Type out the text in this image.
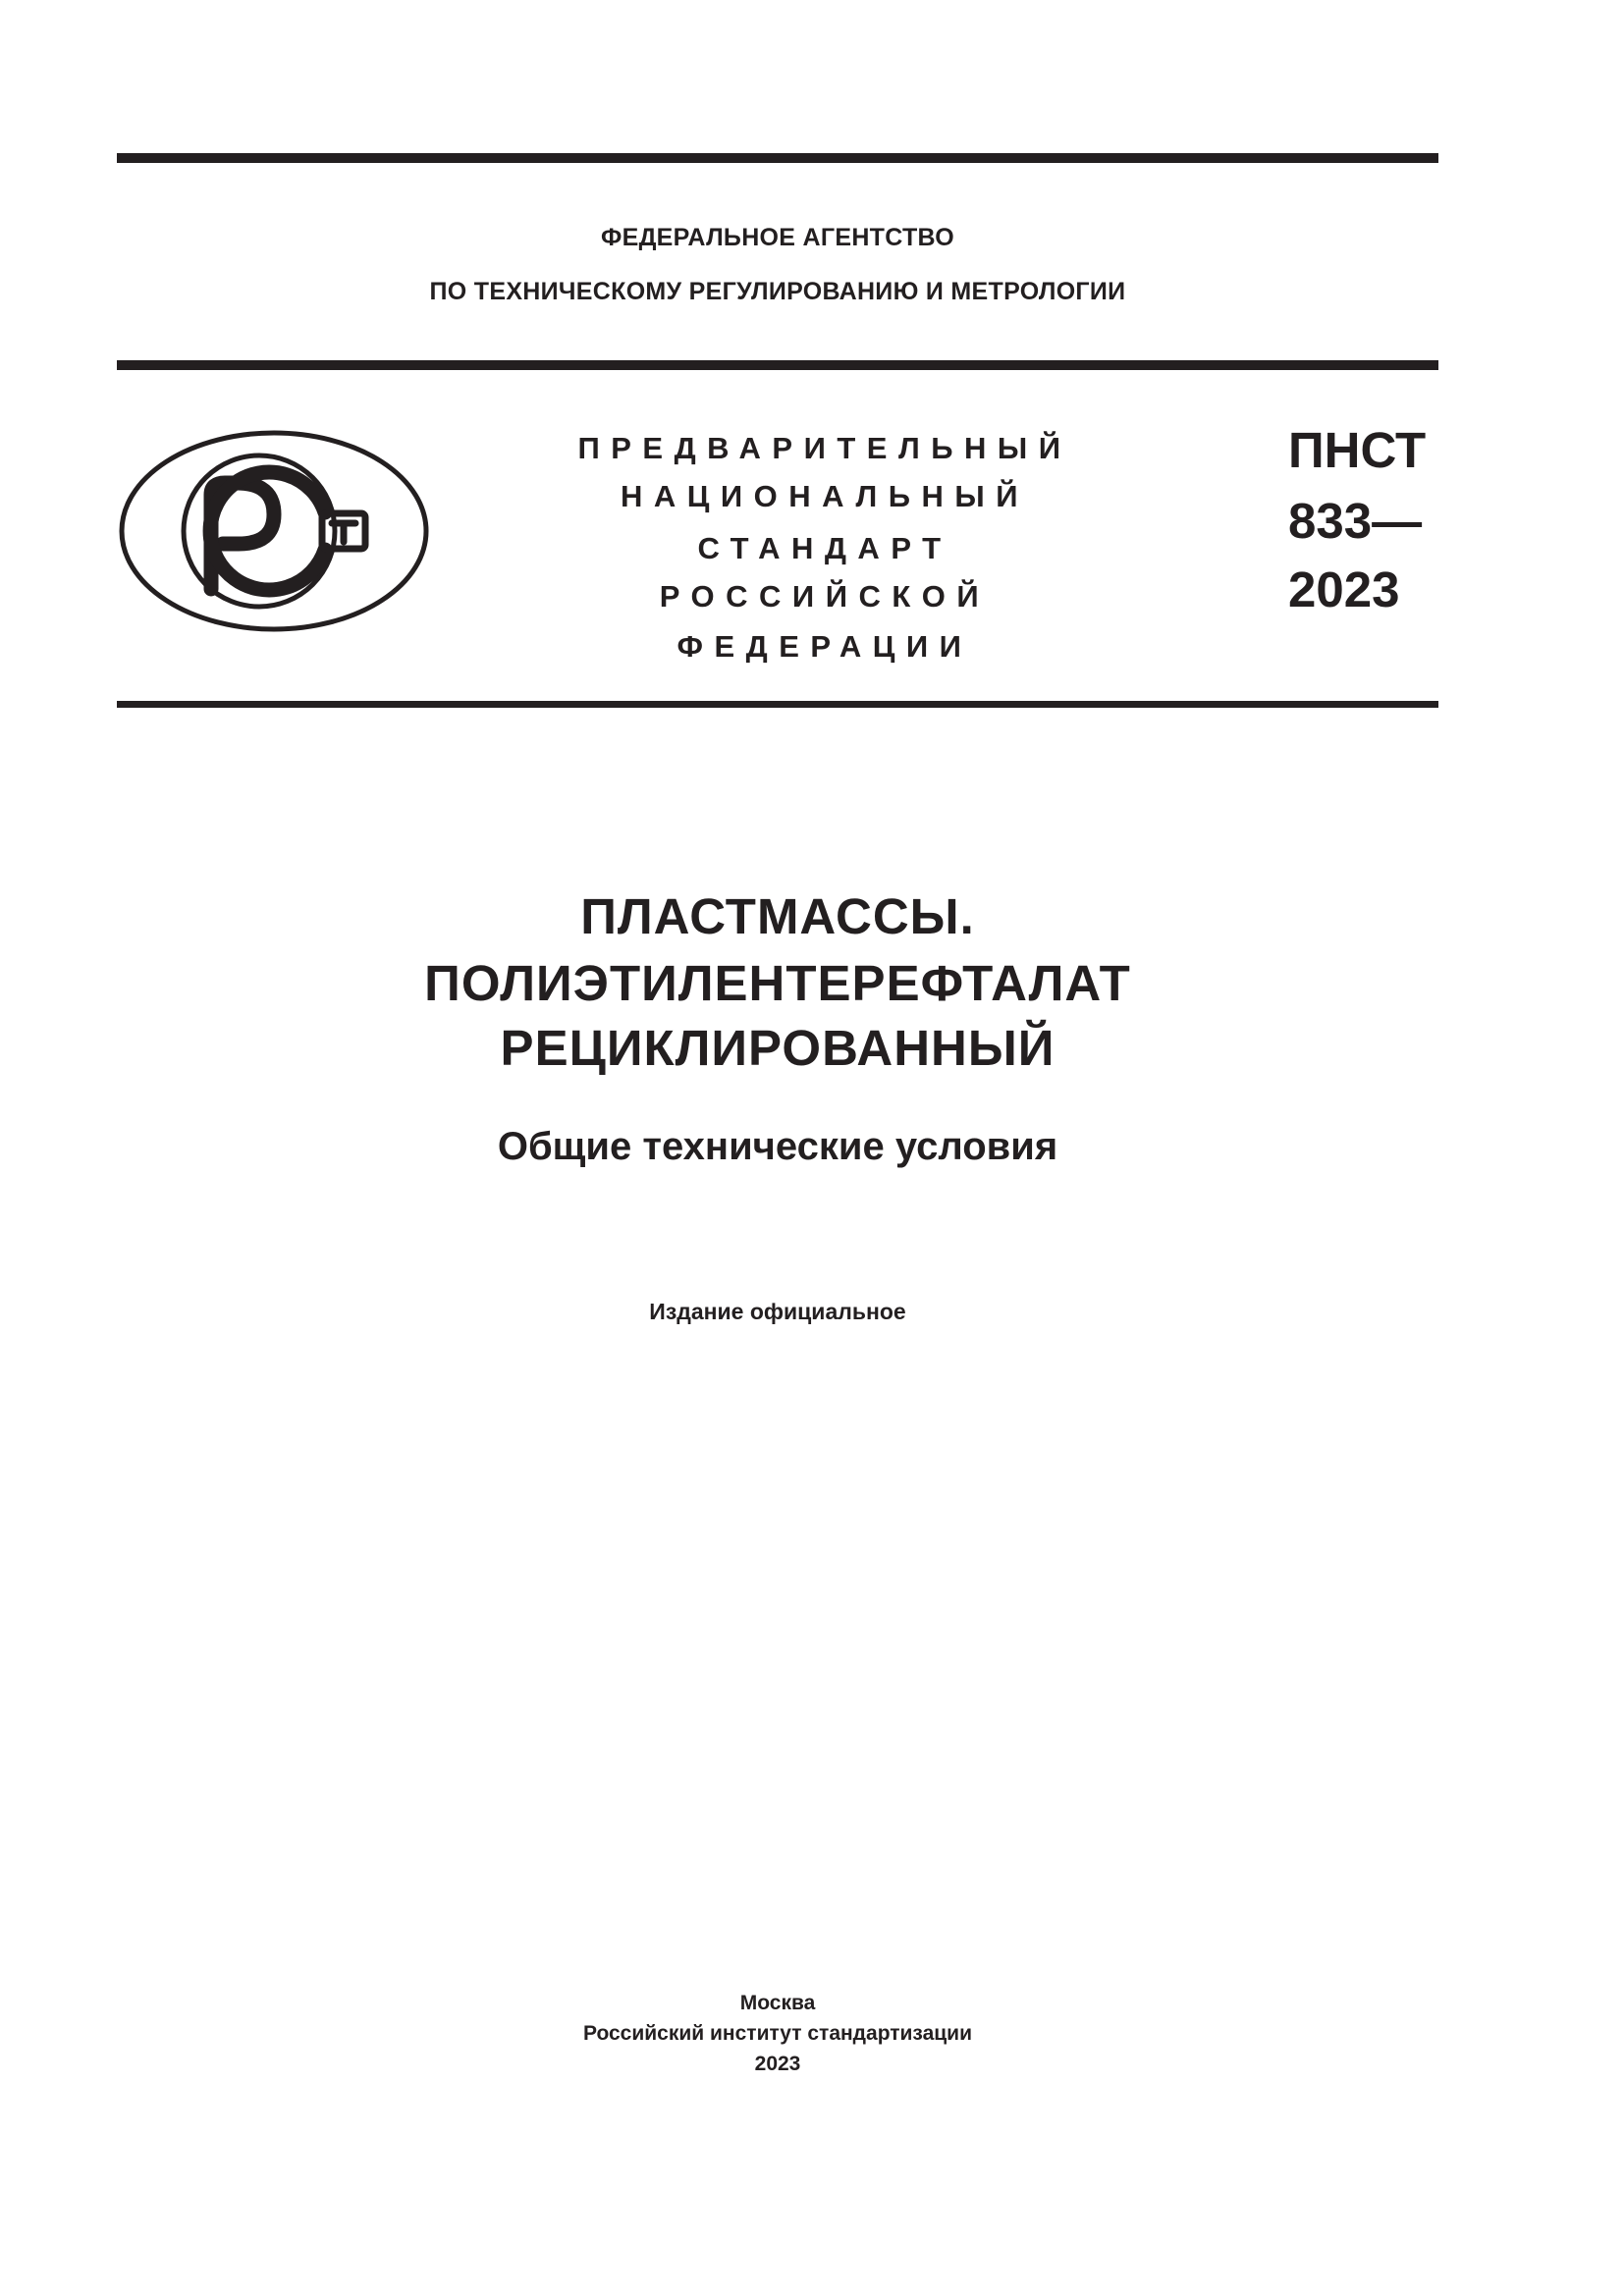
ФЕДЕРАЛЬНОЕ АГЕНТСТВО
ПО ТЕХНИЧЕСКОМУ РЕГУЛИРОВАНИЮ И МЕТРОЛОГИИ
ПРЕДВАРИТЕЛЬНЫЙ
НАЦИОНАЛЬНЫЙ
СТАНДАРТ
РОССИЙСКОЙ
ФЕДЕРАЦИИ
ПНСТ
833—
2023
ПЛАСТМАССЫ.
ПОЛИЭТИЛЕНТЕРЕФТАЛАТ
РЕЦИКЛИРОВАННЫЙ
Общие технические условия
Издание официальное
Москва
Российский институт стандартизации
2023
